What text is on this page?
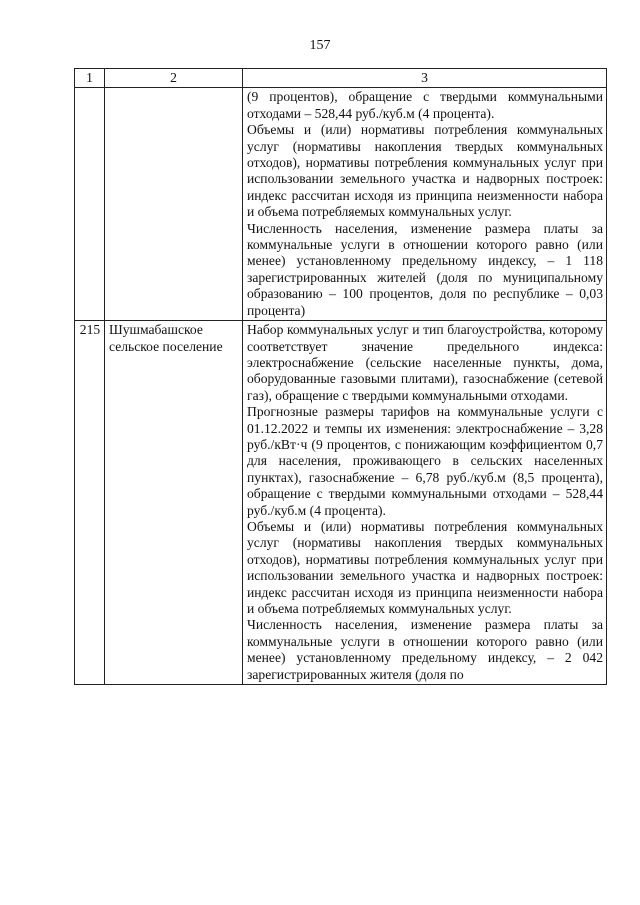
157
1	2	3

		(9 процентов), обращение с твердыми коммунальными отходами – 528,44 руб./куб.м (4 процента).

Объемы и (или) нормативы потребления коммунальных услуг (нормативы накопления твердых коммунальных отходов), нормативы потребления коммунальных услуг при использовании земельного участка и надворных построек: индекс рассчитан исходя из принципа неизменности набора и объема потребляемых коммунальных услуг.

Численность населения, изменение размера платы за коммунальные услуги в отношении которого равно (или менее) установленному предельному индексу, – 1 118 зарегистрированных жителей (доля по муниципальному образованию – 100 процентов, доля по республике – 0,03 процента)

215	Шушмабашское сельское поселение	Набор коммунальных услуг и тип благоустройства, которому соответствует значение предельного индекса: электроснабжение (сельские населенные пункты, дома, оборудованные газовыми плитами), газоснабжение (сетевой газ), обращение с твердыми коммунальными отходами.

Прогнозные размеры тарифов на коммунальные услуги с 01.12.2022 и темпы их изменения: электроснабжение – 3,28 руб./кВт·ч (9 процентов, с понижающим коэффициентом 0,7 для населения, проживающего в сельских населенных пунктах), газоснабжение – 6,78 руб./куб.м (8,5 процента), обращение с твердыми коммунальными отходами – 528,44 руб./куб.м (4 процента).

Объемы и (или) нормативы потребления коммунальных услуг (нормативы накопления твердых коммунальных отходов), нормативы потребления коммунальных услуг при использовании земельного участка и надворных построек: индекс рассчитан исходя из принципа неизменности набора и объема потребляемых коммунальных услуг.

Численность населения, изменение размера платы за коммунальные услуги в отношении которого равно (или менее) установленному предельному индексу, – 2 042 зарегистрированных жителя (доля по
